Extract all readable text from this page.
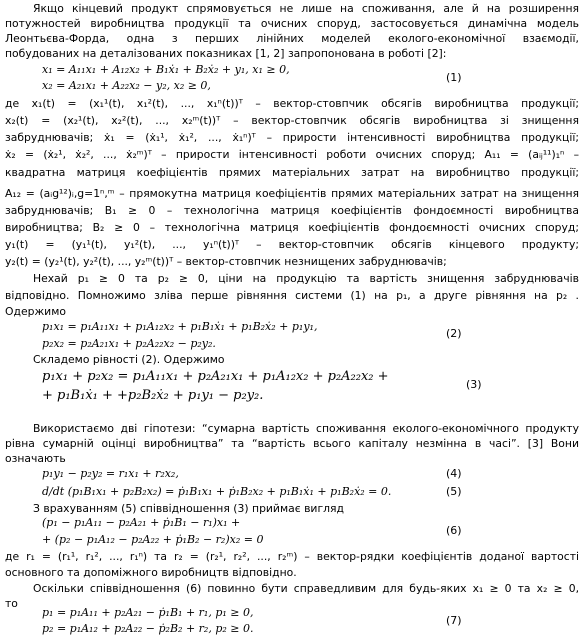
Якщо кінцевий продукт спрямовується не лише на споживання, але й на розширення
потужностей виробництва продукції та очисних споруд, застосовується динамічна модель
Леонтьєва-Форда, одна з перших лінійних моделей еколого-економічної взаємодії,
побудованих на деталізованих показниках [1, 2] запропонована в роботі [2]:
x₁ = A₁₁x₁ + A₁₂x₂ + B₁ẋ₁ + B₂ẋ₂ + y₁, x₁ ≥ 0,
x₂ = A₂₁x₁ + A₂₂x₂ − y₂, x₂ ≥ 0,
(1)
де x₁(t) = (x₁¹(t), x₁²(t), ..., x₁ⁿ(t))ᵀ – вектор-стовпчик обсягів виробництва продукції;
x₂(t) = (x₂¹(t), x₂²(t), ..., x₂ᵐ(t))ᵀ – вектор-стовпчик обсягів виробництва зі знищення
забруднювачів; ẋ₁ = (ẋ₁¹, ẋ₁², ..., ẋ₁ⁿ)ᵀ – прирости інтенсивності виробництва продукції;
ẋ₂ = (ẋ₂¹, ẋ₂², ..., ẋ₂ᵐ)ᵀ – прирости інтенсивності роботи очисних споруд; A₁₁ = (aᵢⱼ¹¹)₁ⁿ –
квадратна матриця коефіцієнтів прямих матеріальних затрат на виробництво продукції;
A₁₂ = (aᵢg¹²)ᵢ,g=1ⁿ,ᵐ – прямокутна матриця коефіцієнтів прямих матеріальних затрат на знищення
забруднювачів; B₁ ≥ 0 – технологічна матриця коефіцієнтів фондоємності виробництва
виробництва; B₂ ≥ 0 – технологічна матриця коефіцієнтів фондоємності очисних споруд;
y₁(t) = (y₁¹(t), y₁²(t), ..., y₁ⁿ(t))ᵀ – вектор-стовпчик обсягів кінцевого продукту;
y₂(t) = (y₂¹(t), y₂²(t), ..., y₂ᵐ(t))ᵀ – вектор-стовпчик незнищених забруднювачів;
Нехай p₁ ≥ 0 та p₂ ≥ 0, ціни на продукцію та вартість знищення забруднювачів
відповідно. Помножимо зліва перше рівняння системи (1) на p₁, а друге рівняння на p₂ .
Одержимо
p₁x₁ = p₁A₁₁x₁ + p₁A₁₂x₂ + p₁B₁ẋ₁ + p₁B₂ẋ₂ + p₁y₁,
p₂x₂ = p₂A₂₁x₁ + p₂A₂₂x₂ − p₂y₂.
(2)
Складемо рівності (2). Одержимо
p₁x₁ + p₂x₂ = p₁A₁₁x₁ + p₂A₂₁x₁ + p₁A₁₂x₂ + p₂A₂₂x₂ +
+ p₁B₁ẋ₁ + +p₂B₂ẋ₂ + p₁y₁ − p₂y₂.
(3)
Використаємо дві гіпотези: “сумарна вартість споживання еколого-економічного продукту
рівна сумарній оцінці виробництва” та “вартість всього капіталу незмінна в часі”. [3] Вони
означають
p₁y₁ − p₂y₂ = r₁x₁ + r₂x₂,	(4)
d/dt (p₁B₁x₁ + p₂B₂x₂) = ṗ₁B₁x₁ + ṗ₁B₂x₂ + p₁B₁ẋ₁ + p₁B₂ẋ₂ = 0.	(5)
З врахуванням (5) співвідношення (3) приймає вигляд
(p₁ − p₁A₁₁ − p₂A₂₁ + ṗ₁B₁ − r₁)x₁ +
+ (p₂ − p₁A₁₂ − p₂A₂₂ + ṗ₁B₂ − r₂)x₂ = 0
(6)
де r₁ = (r₁¹, r₁², ..., r₁ⁿ) та r₂ = (r₂¹, r₂², ..., r₂ᵐ) – вектор-рядки коефіцієнтів доданої вартості
основного та допоміжного виробництв відповідно.
Оскільки співвідношення (6) повинно бути справедливим для будь-яких x₁ ≥ 0 та x₂ ≥ 0,
то
p₁ = p₁A₁₁ + p₂A₂₁ − ṗ₁B₁ + r₁, p₁ ≥ 0,
p₂ = p₁A₁₂ + p₂A₂₂ − ṗ₂B₂ + r₂, p₂ ≥ 0.
(7)
